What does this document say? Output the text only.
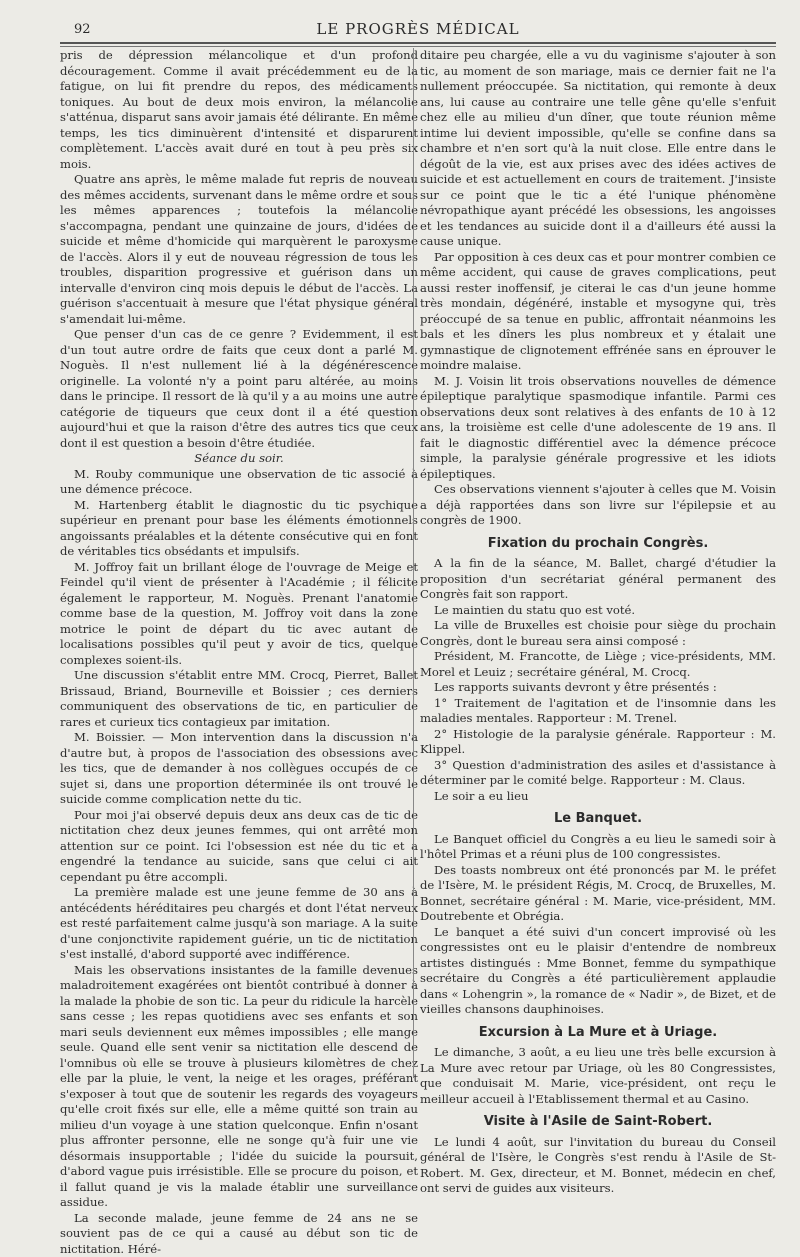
92	LE PROGRÈS MÉDICAL

pris de dépression mélancolique et d'un profond découragement. Comme il avait précédemment eu de la fatigue, on lui fit prendre du repos, des médicaments toniques. Au bout de deux mois environ, la mélancolie s'atténua, disparut sans avoir jamais été délirante. En même temps, les tics diminuèrent d'intensité et disparurent complètement. L'accès avait duré en tout à peu près six mois.

Quatre ans après, le même malade fut repris de nouveau des mêmes accidents, survenant dans le même ordre et sous les mêmes apparences ; toutefois la mélancolie s'accompagna, pendant une quinzaine de jours, d'idées de suicide et même d'homicide qui marquèrent le paroxysme de l'accès. Alors il y eut de nouveau régression de tous les troubles, disparition progressive et guérison dans un intervalle d'environ cinq mois depuis le début de l'accès. La guérison s'accentuait à mesure que l'état physique général s'amendait lui-même.

Que penser d'un cas de ce genre ? Evidemment, il est d'un tout autre ordre de faits que ceux dont a parlé M. Noguès. Il n'est nullement lié à la dégénérescence originelle. La volonté n'y a point paru altérée, au moins dans le principe. Il ressort de là qu'il y a au moins une autre catégorie de tiqueurs que ceux dont il a été question aujourd'hui et que la raison d'être des autres tics que ceux dont il est question a besoin d'être étudiée.

Séance du soir.

M. Rouby communique une observation de tic associé à une démence précoce.

M. Hartenberg établit le diagnostic du tic psychique supérieur en prenant pour base les éléments émotionnels angoissants préalables et la détente consécutive qui en font de véritables tics obsédants et impulsifs.

M. Joffroy fait un brillant éloge de l'ouvrage de Meige et Feindel qu'il vient de présenter à l'Académie ; il félicite également le rapporteur, M. Noguès. Prenant l'anatomie comme base de la question, M. Joffroy voit dans la zone motrice le point de départ du tic avec autant de localisations possibles qu'il peut y avoir de tics, quelque complexes soient-ils.

Une discussion s'établit entre MM. Crocq, Pierret, Ballet Brissaud, Briand, Bourneville et Boissier ; ces derniers communiquent des observations de tic, en particulier de rares et curieux tics contagieux par imitation.

M. Boissier. — Mon intervention dans la discussion n'a d'autre but, à propos de l'association des obsessions avec les tics, que de demander à nos collègues occupés de ce sujet si, dans une proportion déterminée ils ont trouvé le suicide comme complication nette du tic.

Pour moi j'ai observé depuis deux ans deux cas de tic de nictitation chez deux jeunes femmes, qui ont arrêté mon attention sur ce point. Ici l'obsession est née du tic et a engendré la tendance au suicide, sans que celui ci ait cependant pu être accompli.

La première malade est une jeune femme de 30 ans à antécédents héréditaires peu chargés et dont l'état nerveux est resté parfaitement calme jusqu'à son mariage. A la suite d'une conjonctivite rapidement guérie, un tic de nictitation s'est installé, d'abord supporté avec indifférence.

Mais les observations insistantes de la famille devenues maladroitement exagérées ont bientôt contribué à donner à la malade la phobie de son tic. La peur du ridicule la harcèle sans cesse ; les repas quotidiens avec ses enfants et son mari seuls deviennent eux mêmes impossibles ; elle mange seule. Quand elle sent venir sa nictitation elle descend de l'omnibus où elle se trouve à plusieurs kilomètres de chez elle par la pluie, le vent, la neige et les orages, préférant s'exposer à tout que de soutenir les regards des voyageurs qu'elle croit fixés sur elle, elle a même quitté son train au milieu d'un voyage à une station quelconque. Enfin n'osant plus affronter personne, elle ne songe qu'à fuir une vie désormais insupportable ; l'idée du suicide la poursuit, d'abord vague puis irrésistible. Elle se procure du poison, et il fallut quand je vis la malade établir une surveillance assidue.

La seconde malade, jeune femme de 24 ans ne se souvient pas de ce qui a causé au début son tic de nictitation. Héré-

ditaire peu chargée, elle a vu du vaginisme s'ajouter à son tic, au moment de son mariage, mais ce dernier fait ne l'a nullement préoccupée. Sa nictitation, qui remonte à deux ans, lui cause au contraire une telle gêne qu'elle s'enfuit chez elle au milieu d'un dîner, que toute réunion même intime lui devient impossible, qu'elle se confine dans sa chambre et n'en sort qu'à la nuit close. Elle entre dans le dégoût de la vie, est aux prises avec des idées actives de suicide et est actuellement en cours de traitement. J'insiste sur ce point que le tic a été l'unique phénomène névropathique ayant précédé les obsessions, les angoisses et les tendances au suicide dont il a d'ailleurs été aussi la cause unique.

Par opposition à ces deux cas et pour montrer combien ce même accident, qui cause de graves complications, peut aussi rester inoffensif, je citerai le cas d'un jeune homme très mondain, dégénéré, instable et mysogyne qui, très préoccupé de sa tenue en public, affrontait néanmoins les bals et les dîners les plus nombreux et y étalait une gymnastique de clignotement effrénée sans en éprouver le moindre malaise.

M. J. Voisin lit trois observations nouvelles de démence épileptique paralytique spasmodique infantile. Parmi ces observations deux sont relatives à des enfants de 10 à 12 ans, la troisième est celle d'une adolescente de 19 ans. Il fait le diagnostic différentiel avec la démence précoce simple, la paralysie générale progressive et les idiots épileptiques.

Ces observations viennent s'ajouter à celles que M. Voisin a déjà rapportées dans son livre sur l'épilepsie et au congrès de 1900.

Fixation du prochain Congrès.

A la fin de la séance, M. Ballet, chargé d'étudier la proposition d'un secrétariat général permanent des Congrès fait son rapport.

Le maintien du statu quo est voté.

La ville de Bruxelles est choisie pour siège du prochain Congrès, dont le bureau sera ainsi composé :

Président, M. Francotte, de Liège ; vice-présidents, MM. Morel et Leuiz ; secrétaire général, M. Crocq.

Les rapports suivants devront y être présentés :

1° Traitement de l'agitation et de l'insomnie dans les maladies mentales. Rapporteur : M. Trenel.

2° Histologie de la paralysie générale. Rapporteur : M. Klippel.

3° Question d'administration des asiles et d'assistance à déterminer par le comité belge. Rapporteur : M. Claus.

Le soir a eu lieu

Le Banquet.

Le Banquet officiel du Congrès a eu lieu le samedi soir à l'hôtel Primas et a réuni plus de 100 congressistes.

Des toasts nombreux ont été prononcés par M. le préfet de l'Isère, M. le président Régis, M. Crocq, de Bruxelles, M. Bonnet, secrétaire général : M. Marie, vice-président, MM. Doutrebente et Obrégia.

Le banquet a été suivi d'un concert improvisé où les congressistes ont eu le plaisir d'entendre de nombreux artistes distingués : Mme Bonnet, femme du sympathique secrétaire du Congrès a été particulièrement applaudie dans « Lohengrin », la romance de « Nadir », de Bizet, et de vieilles chansons dauphinoises.

Excursion à La Mure et à Uriage.

Le dimanche, 3 août, a eu lieu une très belle excursion à La Mure avec retour par Uriage, où les 80 Congressistes, que conduisait M. Marie, vice-président, ont reçu le meilleur accueil à l'Etablissement thermal et au Casino.

Visite à l'Asile de Saint-Robert.

Le lundi 4 août, sur l'invitation du bureau du Conseil général de l'Isère, le Congrès s'est rendu à l'Asile de St-Robert. M. Gex, directeur, et M. Bonnet, médecin en chef, ont servi de guides aux visiteurs.
